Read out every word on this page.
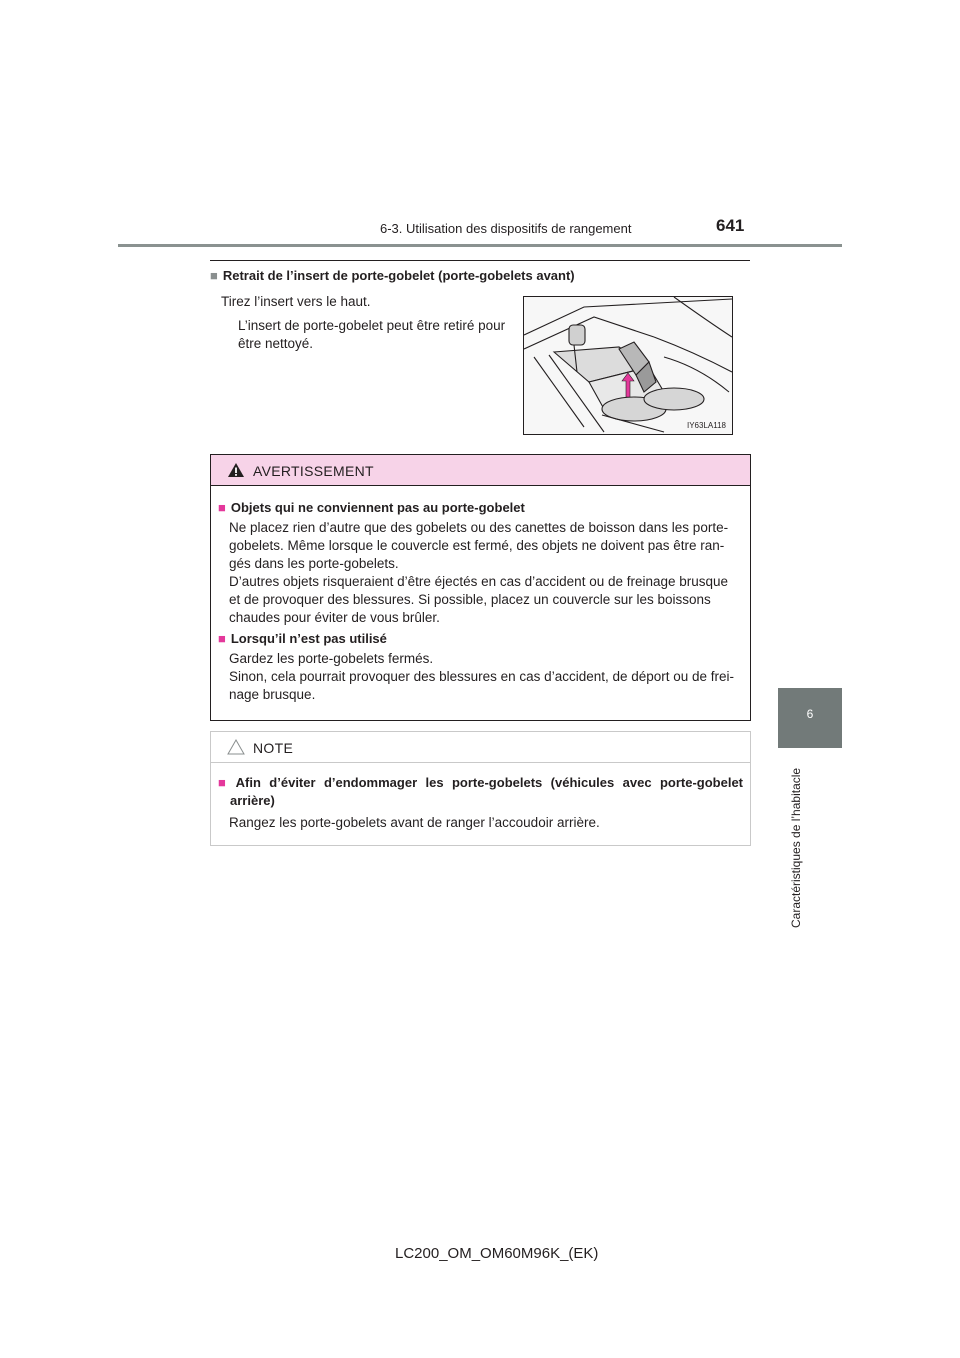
6-3. Utilisation des dispositifs de rangement	641
6
Caractéristiques de l’habitacle
■ Retrait de l’insert de porte-gobelet (porte-gobelets avant)
Tirez l’insert vers le haut.
L’insert de porte-gobelet peut être retiré pour
être nettoyé.
IY63LA118
AVERTISSEMENT
■ Objets qui ne conviennent pas au porte-gobelet
Ne placez rien d’autre que des gobelets ou des canettes de boisson dans les porte-
gobelets. Même lorsque le couvercle est fermé, des objets ne doivent pas être ran-
gés dans les porte-gobelets.
D’autres objets risqueraient d’être éjectés en cas d’accident ou de freinage brusque
et de provoquer des blessures. Si possible, placez un couvercle sur les boissons
chaudes pour éviter de vous brûler.
■ Lorsqu’il n’est pas utilisé
Gardez les porte-gobelets fermés.
Sinon, cela pourrait provoquer des blessures en cas d’accident, de déport ou de frei-
nage brusque.
NOTE
■ Afin d’éviter d’endommager les porte-gobelets (véhicules avec porte-gobelet
arrière)
Rangez les porte-gobelets avant de ranger l’accoudoir arrière.
LC200_OM_OM60M96K_(EK)
